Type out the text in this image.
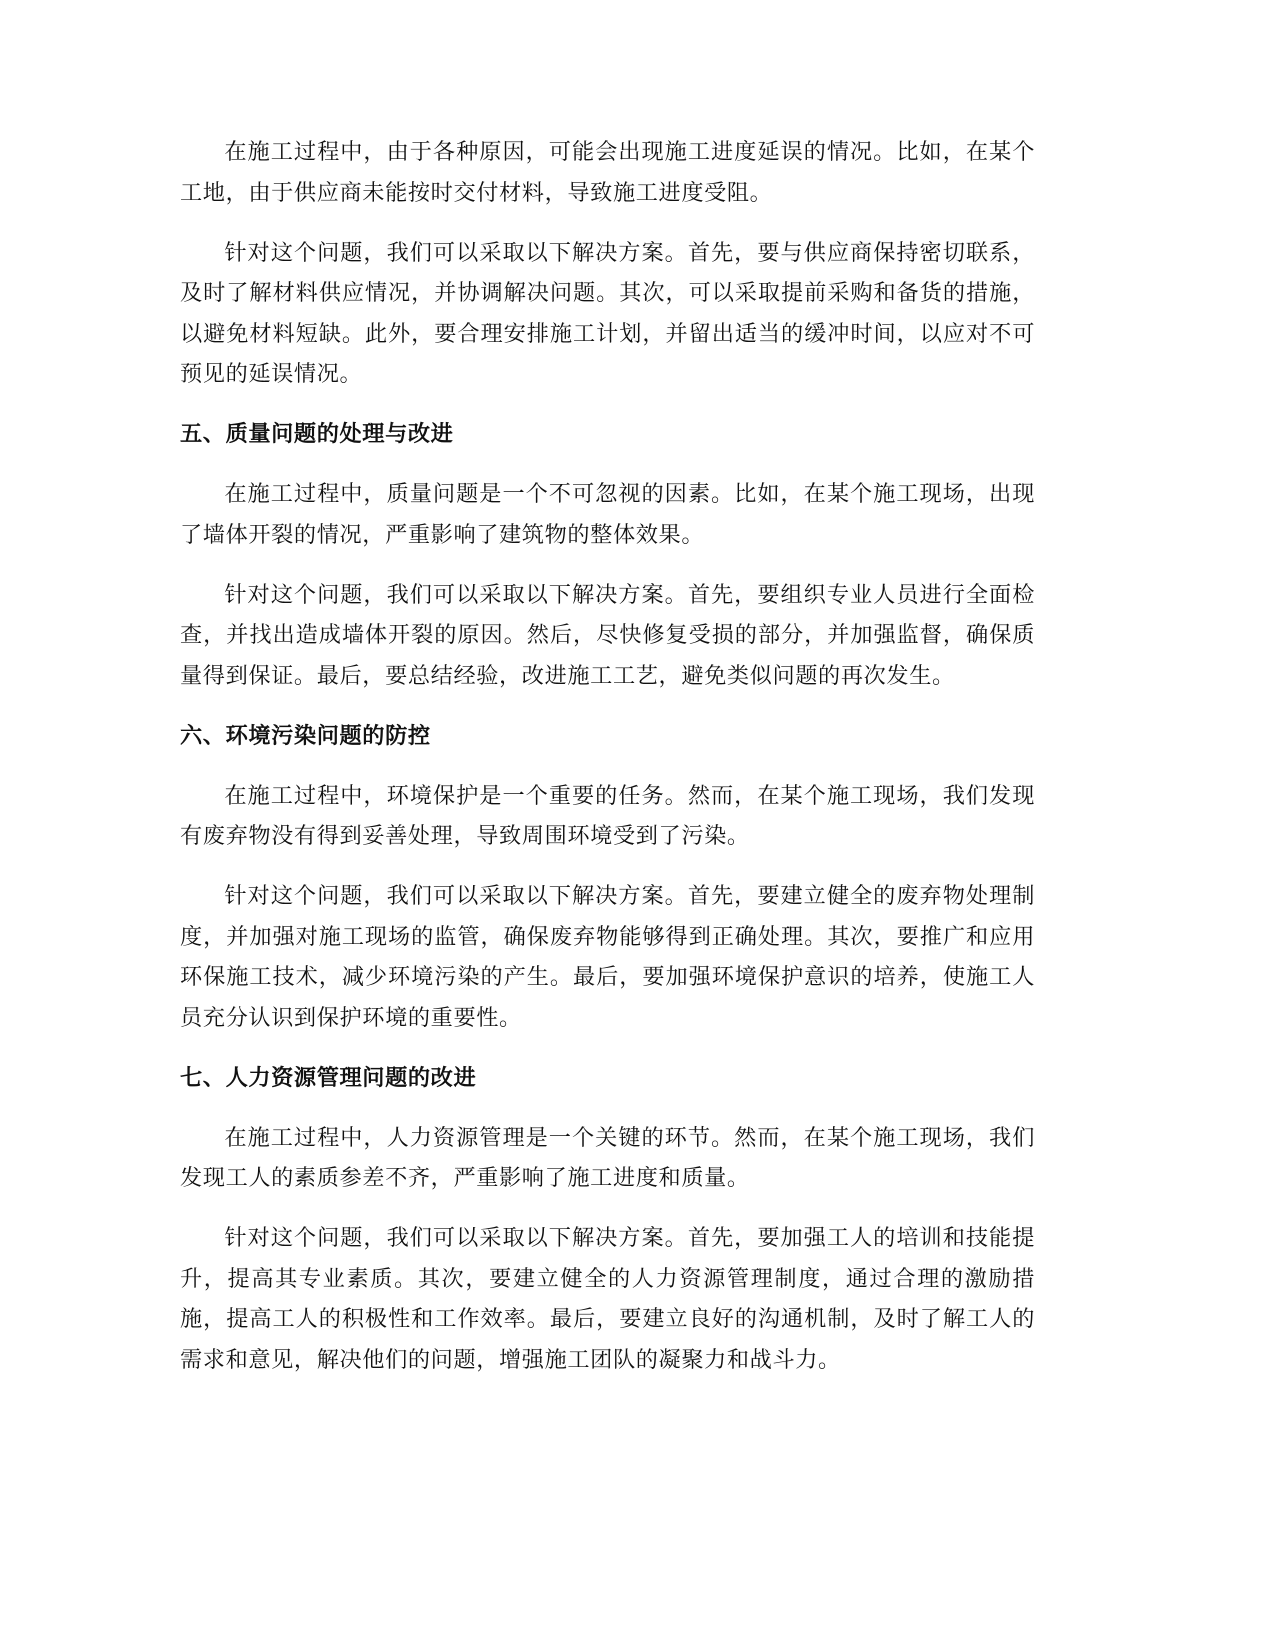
在施工过程中，由于各种原因，可能会出现施工进度延误的情况。比如，在某个工地，由于供应商未能按时交付材料，导致施工进度受阻。

针对这个问题，我们可以采取以下解决方案。首先，要与供应商保持密切联系，及时了解材料供应情况，并协调解决问题。其次，可以采取提前采购和备货的措施，以避免材料短缺。此外，要合理安排施工计划，并留出适当的缓冲时间，以应对不可预见的延误情况。

五、质量问题的处理与改进

在施工过程中，质量问题是一个不可忽视的因素。比如，在某个施工现场，出现了墙体开裂的情况，严重影响了建筑物的整体效果。

针对这个问题，我们可以采取以下解决方案。首先，要组织专业人员进行全面检查，并找出造成墙体开裂的原因。然后，尽快修复受损的部分，并加强监督，确保质量得到保证。最后，要总结经验，改进施工工艺，避免类似问题的再次发生。

六、环境污染问题的防控

在施工过程中，环境保护是一个重要的任务。然而，在某个施工现场，我们发现有废弃物没有得到妥善处理，导致周围环境受到了污染。

针对这个问题，我们可以采取以下解决方案。首先，要建立健全的废弃物处理制度，并加强对施工现场的监管，确保废弃物能够得到正确处理。其次，要推广和应用环保施工技术，减少环境污染的产生。最后，要加强环境保护意识的培养，使施工人员充分认识到保护环境的重要性。

七、人力资源管理问题的改进

在施工过程中，人力资源管理是一个关键的环节。然而，在某个施工现场，我们发现工人的素质参差不齐，严重影响了施工进度和质量。

针对这个问题，我们可以采取以下解决方案。首先，要加强工人的培训和技能提升，提高其专业素质。其次，要建立健全的人力资源管理制度，通过合理的激励措施，提高工人的积极性和工作效率。最后，要建立良好的沟通机制，及时了解工人的需求和意见，解决他们的问题，增强施工团队的凝聚力和战斗力。
